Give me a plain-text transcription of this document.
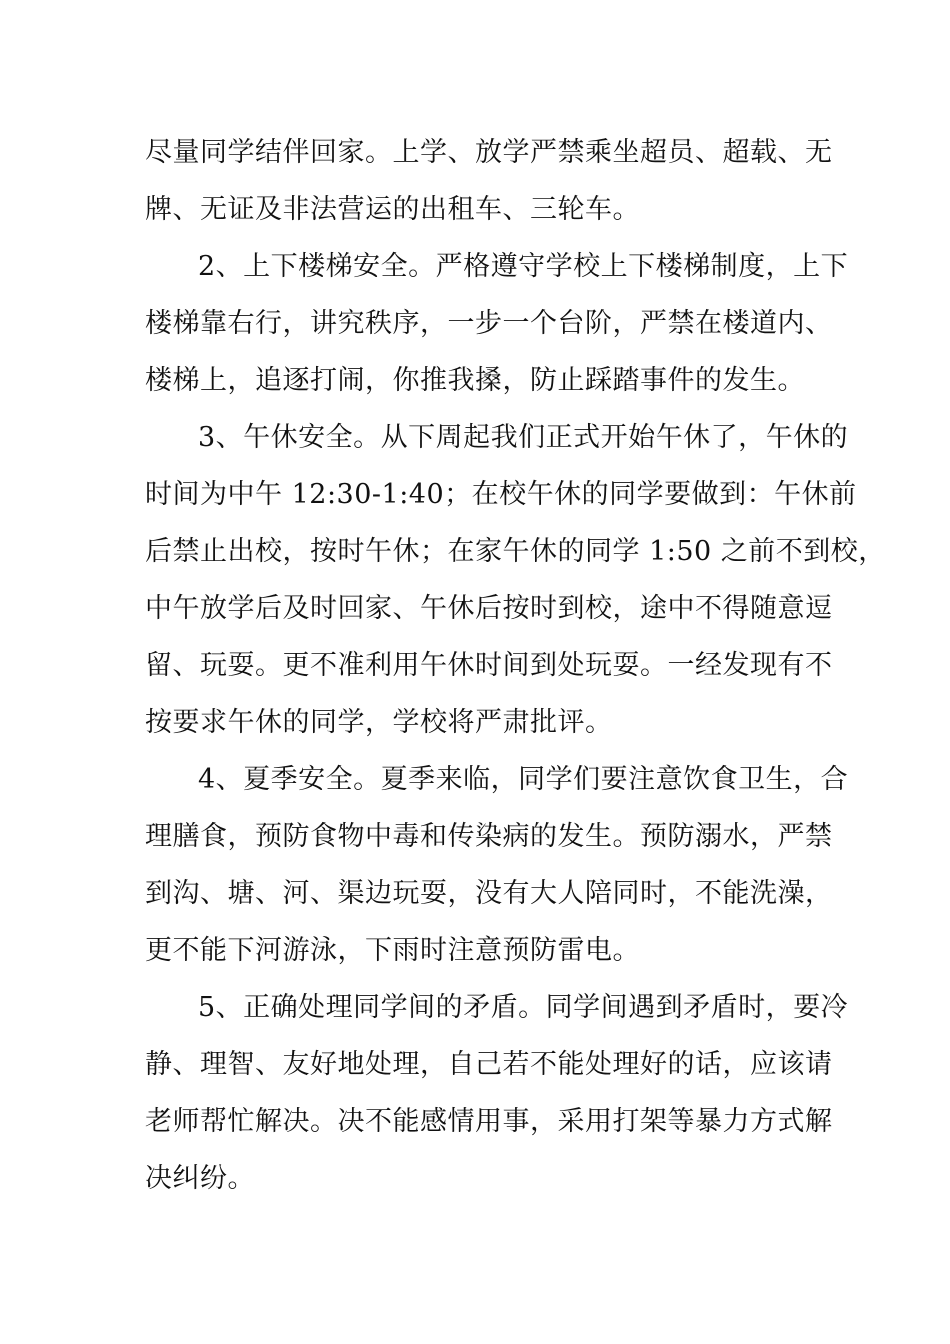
尽量同学结伴回家。上学、放学严禁乘坐超员、超载、无
牌、无证及非法营运的出租车、三轮车。
2、上下楼梯安全。严格遵守学校上下楼梯制度，上下
楼梯靠右行，讲究秩序，一步一个台阶，严禁在楼道内、
楼梯上，追逐打闹，你推我搡，防止踩踏事件的发生。
3、午休安全。从下周起我们正式开始午休了，午休的
时间为中午 12:30-1:40；在校午休的同学要做到：午休前
后禁止出校，按时午休；在家午休的同学 1:50 之前不到校，
中午放学后及时回家、午休后按时到校，途中不得随意逗
留、玩耍。更不准利用午休时间到处玩耍。一经发现有不
按要求午休的同学，学校将严肃批评。
4、夏季安全。夏季来临，同学们要注意饮食卫生，合
理膳食，预防食物中毒和传染病的发生。预防溺水，严禁
到沟、塘、河、渠边玩耍，没有大人陪同时，不能洗澡，
更不能下河游泳，下雨时注意预防雷电。
5、正确处理同学间的矛盾。同学间遇到矛盾时，要冷
静、理智、友好地处理，自己若不能处理好的话，应该请
老师帮忙解决。决不能感情用事，采用打架等暴力方式解
决纠纷。
